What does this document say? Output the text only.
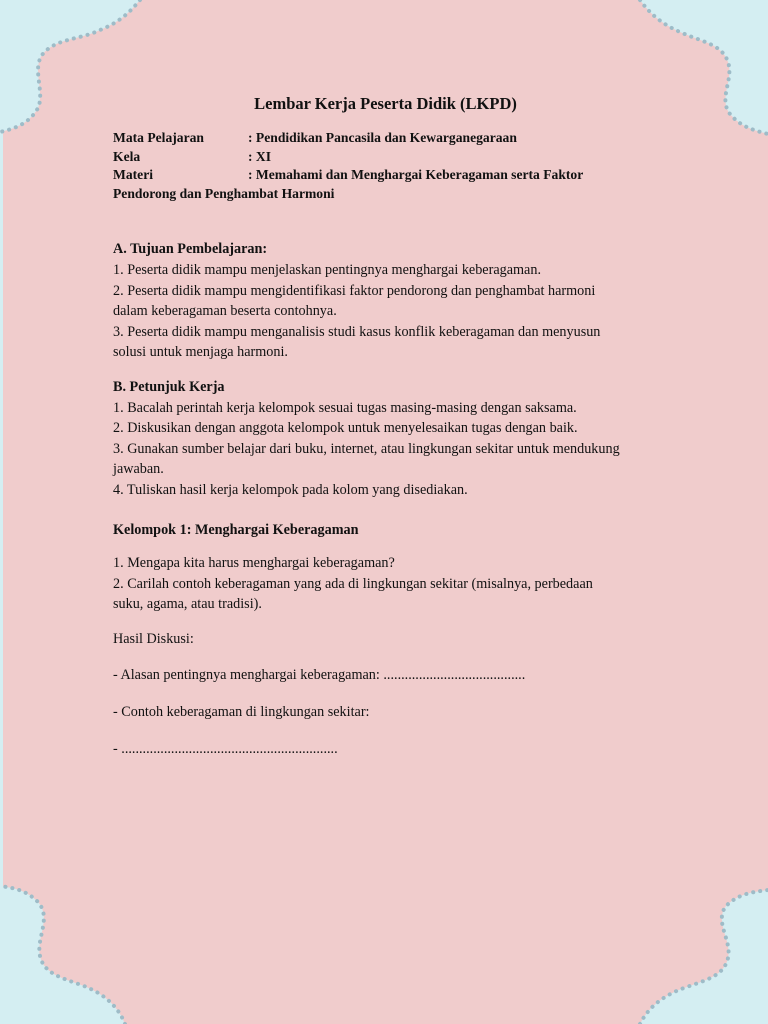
Lembar Kerja Peserta Didik (LKPD)
Mata Pelajaran	: Pendidikan Pancasila dan Kewarganegaraan
Kela	: XI
Materi	: Memahami dan Menghargai Keberagaman serta Faktor
Pendorong dan Penghambat Harmoni

A. Tujuan Pembelajaran:

1. Peserta didik mampu menjelaskan pentingnya menghargai keberagaman.

2. Peserta didik mampu mengidentifikasi faktor pendorong dan penghambat harmoni

dalam keberagaman beserta contohnya.

3. Peserta didik mampu menganalisis studi kasus konflik keberagaman dan menyusun

solusi untuk menjaga harmoni.

B. Petunjuk Kerja

1. Bacalah perintah kerja kelompok sesuai tugas masing-masing dengan saksama.

2. Diskusikan dengan anggota kelompok untuk menyelesaikan tugas dengan baik.

3. Gunakan sumber belajar dari buku, internet, atau lingkungan sekitar untuk mendukung

jawaban.

4. Tuliskan hasil kerja kelompok pada kolom yang disediakan.

Kelompok 1: Menghargai Keberagaman

1. Mengapa kita harus menghargai keberagaman?

2. Carilah contoh keberagaman yang ada di lingkungan sekitar (misalnya, perbedaan

suku, agama, atau tradisi).

Hasil Diskusi:

- Alasan pentingnya menghargai keberagaman: ........................................

- Contoh keberagaman di lingkungan sekitar:

- .............................................................
